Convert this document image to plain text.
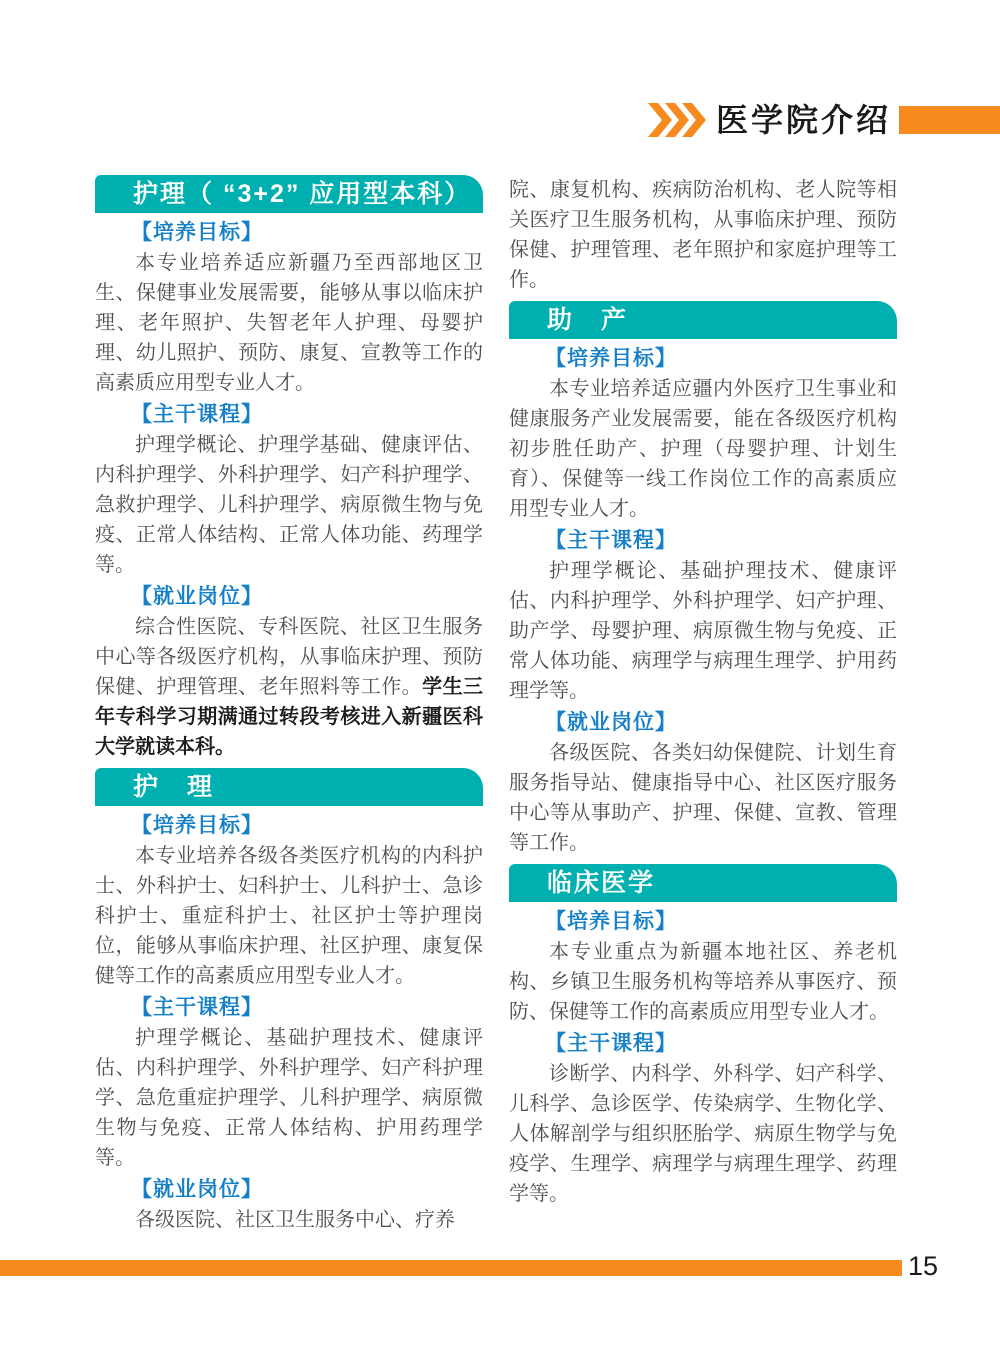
医学院介绍
护理（ “3+2” 应用型本科）
【培养目标】

本专业培养适应新疆乃至西部地区卫生、保健事业发展需要，能够从事以临床护理、老年照护、失智老年人护理、母婴护理、幼儿照护、预防、康复、宣教等工作的高素质应用型专业人才。

【主干课程】

护理学概论、护理学基础、健康评估、内科护理学、外科护理学、妇产科护理学、急救护理学、儿科护理学、病原微生物与免疫、正常人体结构、正常人体功能、药理学等。

【就业岗位】

综合性医院、专科医院、社区卫生服务中心等各级医疗机构，从事临床护理、预防保健、护理管理、老年照料等工作。学生三年专科学习期满通过转段考核进入新疆医科大学就读本科。

护　理
【培养目标】

本专业培养各级各类医疗机构的内科护士、外科护士、妇科护士、儿科护士、急诊科护士、重症科护士、社区护士等护理岗位，能够从事临床护理、社区护理、康复保健等工作的高素质应用型专业人才。

【主干课程】

护理学概论、基础护理技术、健康评估、内科护理学、外科护理学、妇产科护理学、急危重症护理学、儿科护理学、病原微生物与免疫、正常人体结构、护用药理学等。

【就业岗位】

各级医院、社区卫生服务中心、疗养

院、康复机构、疾病防治机构、老人院等相关医疗卫生服务机构，从事临床护理、预防保健、护理管理、老年照护和家庭护理等工作。

助　产
【培养目标】

本专业培养适应疆内外医疗卫生事业和健康服务产业发展需要，能在各级医疗机构初步胜任助产、护理（母婴护理、计划生育）、保健等一线工作岗位工作的高素质应用型专业人才。

【主干课程】

护理学概论、基础护理技术、健康评估、内科护理学、外科护理学、妇产护理、助产学、母婴护理、病原微生物与免疫、正常人体功能、病理学与病理生理学、护用药理学等。

【就业岗位】

各级医院、各类妇幼保健院、计划生育服务指导站、健康指导中心、社区医疗服务中心等从事助产、护理、保健、宣教、管理等工作。

临床医学
【培养目标】

本专业重点为新疆本地社区、养老机构、乡镇卫生服务机构等培养从事医疗、预防、保健等工作的高素质应用型专业人才。

【主干课程】

诊断学、内科学、外科学、妇产科学、儿科学、急诊医学、传染病学、生物化学、人体解剖学与组织胚胎学、病原生物学与免疫学、生理学、病理学与病理生理学、药理学等。

15
